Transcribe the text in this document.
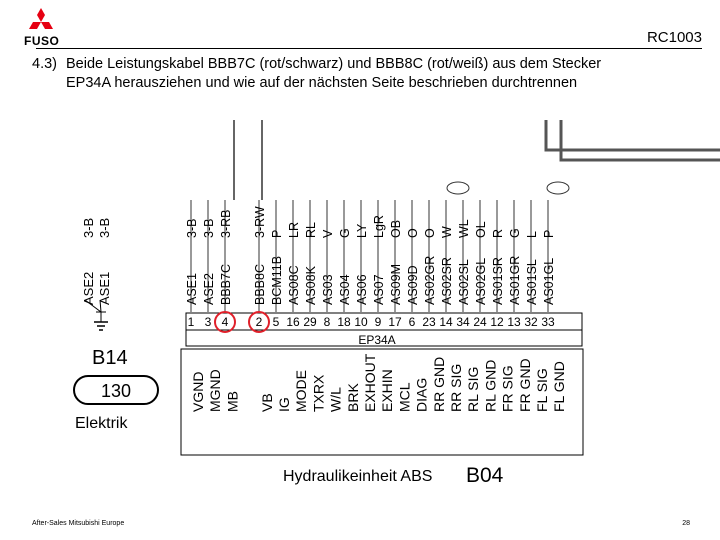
FUSO	RC1003
4.3) Beide Leistungskabel BBB7C (rot/schwarz) und BBB8C (rot/weiß) aus dem Stecker
EP34A herausziehen und wie auf der nächsten Seite beschrieben durchtrennen
ASE2
3-B
ASE1
3-B
ASE1
3-B
1
ASE2
3-B
3
BBB7C
3-RB
4
BBB8C
3-RW
2
BCM11B
P
5
AS08C
LR
16
AS08K
RL
29
AS03
V
8
AS04
G
18
AS06
LY
10
AS07
LgR
9
AS09M
OB
17
AS09D
O
6
AS02GR
O
23
AS02SR
W
14
AS02SL
WL
34
AS02GL
OL
24
AS01SR
R
12
AS01GR
G
13
AS01SL
L
32
AS01GL
P
33
VGND MGND MB VB IG MODE TXRX W/L BRK EXHOUT EXHIN MCL DIAG RR GND RR SIG RL SIG RL GND FR SIG FR GND FL SIG FL GND
B14
130
Elektrik
Hydraulikeinheit ABS B04
EP34A
After-Sales Mitsubishi Europe	28
